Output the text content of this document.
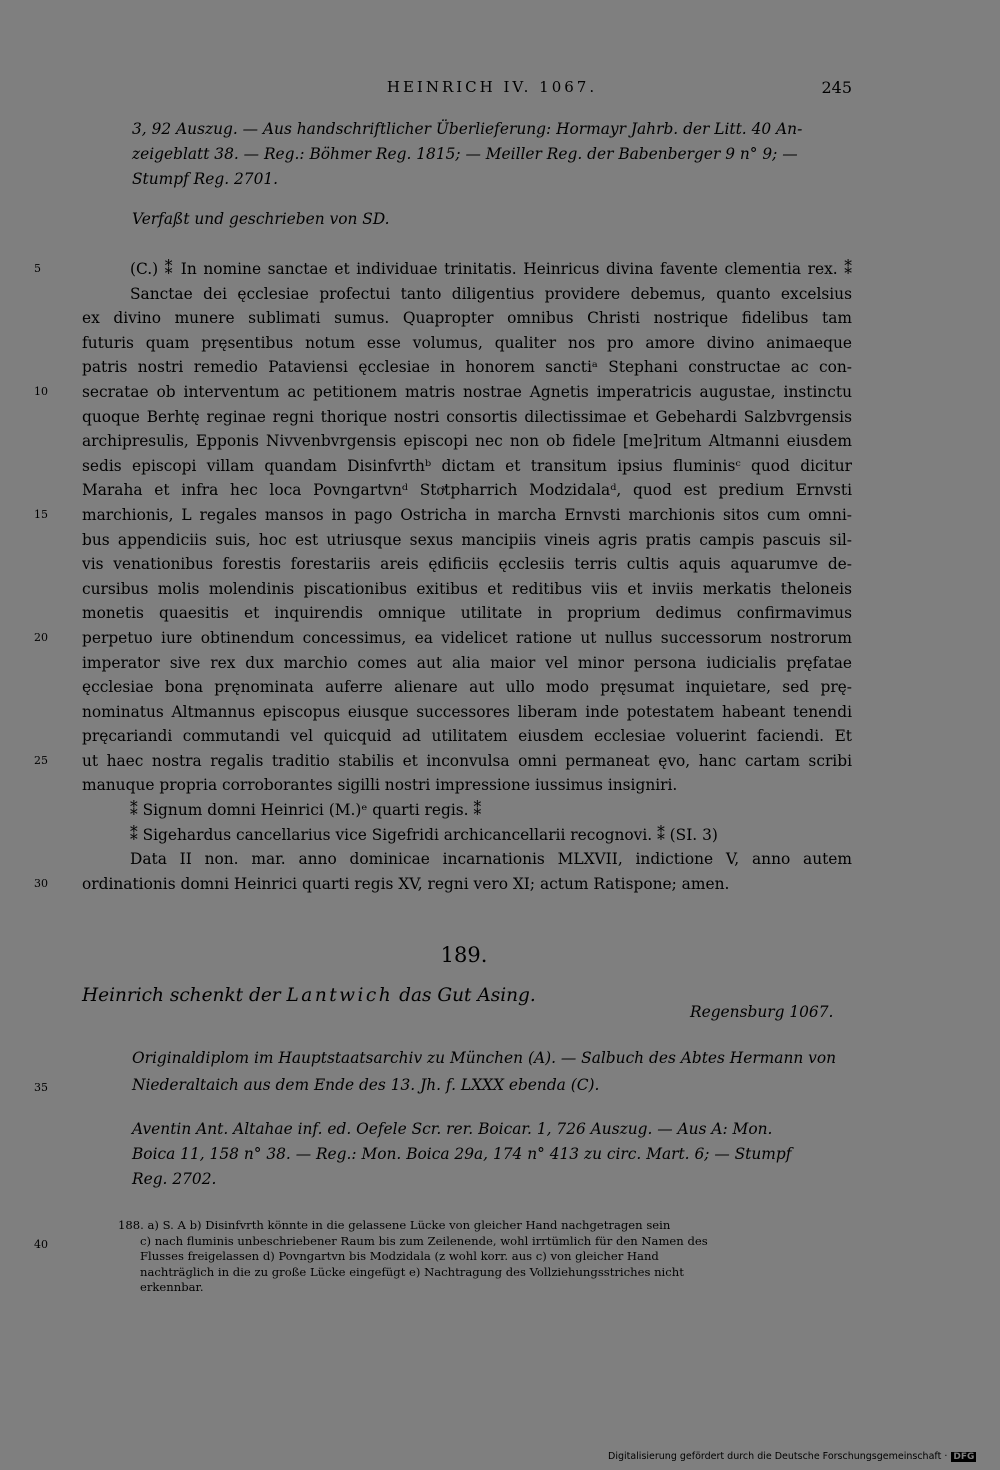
HEINRICH IV. 1067.	245
3, 92 Auszug. — Aus handschriftlicher Überlieferung: Hormayr Jahrb. der Litt. 40 An-
zeigeblatt 38. — Reg.: Böhmer Reg. 1815; — Meiller Reg. der Babenberger 9 n° 9; —
Stumpf Reg. 2701.
Verfaßt und geschrieben von SD.
5
10
15
20
25
30
35
40
(C.) ⁑ In nomine sanctae et individuae trinitatis. Heinricus divina favente clementia rex. ⁑
Sanctae dei ęcclesiae profectui tanto diligentius providere debemus, quanto excelsius
ex divino munere sublimati sumus. Quapropter omnibus Christi nostrique fidelibus tam
futuris quam pręsentibus notum esse volumus, qualiter nos pro amore divino animaeque
patris nostri remedio Pataviensi ęcclesiae in honorem sanctiᵃ Stephani constructae ac con-
secratae ob interventum ac petitionem matris nostrae Agnetis imperatricis augustae, instinctu
quoque Berhtę reginae regni thorique nostri consortis dilectissimae et Gebehardi Salzbvrgensis
archipresulis, Epponis Nivvenbvrgensis episcopi nec non ob fidele [me]ritum Altmanni eiusdem
sedis episcopi villam quandam Disinfvrthᵇ dictam et transitum ipsius fluminisᶜ quod dicitur
Maraha et infra hec loca Povngartvnᵈ Stoͮtpharrich Modzidalaᵈ, quod est predium Ernvsti
marchionis, L regales mansos in pago Ostricha in marcha Ernvsti marchionis sitos cum omni-
bus appendiciis suis, hoc est utriusque sexus mancipiis vineis agris pratis campis pascuis sil-
vis venationibus forestis forestariis areis ędificiis ęcclesiis terris cultis aquis aquarumve de-
cursibus molis molendinis piscationibus exitibus et reditibus viis et inviis merkatis theloneis
monetis quaesitis et inquirendis omnique utilitate in proprium dedimus confirmavimus
perpetuo iure obtinendum concessimus, ea videlicet ratione ut nullus successorum nostrorum
imperator sive rex dux marchio comes aut alia maior vel minor persona iudicialis pręfatae
ęcclesiae bona pręnominata auferre alienare aut ullo modo pręsumat inquietare, sed prę-
nominatus Altmannus episcopus eiusque successores liberam inde potestatem habeant tenendi
pręcariandi commutandi vel quicquid ad utilitatem eiusdem ecclesiae voluerint faciendi. Et
ut haec nostra regalis traditio stabilis et inconvulsa omni permaneat ęvo, hanc cartam scribi
manuque propria corroborantes sigilli nostri impressione iussimus insigniri.
⁑ Signum domni Heinrici (M.)ᵉ quarti regis. ⁑
⁑ Sigehardus cancellarius vice Sigefridi archicancellarii recognovi. ⁑ (SI. 3)
Data II non. mar. anno dominicae incarnationis MLXVII, indictione V, anno autem
ordinationis domni Heinrici quarti regis XV, regni vero XI; actum Ratispone; amen.
189.
Heinrich schenkt der Lantwich das Gut Asing.
Regensburg 1067.
Originaldiplom im Hauptstaatsarchiv zu München (A). — Salbuch des Abtes Hermann von
Niederaltaich aus dem Ende des 13. Jh. f. LXXX ebenda (C).
Aventin Ant. Altahae inf. ed. Oefele Scr. rer. Boicar. 1, 726 Auszug. — Aus A: Mon.
Boica 11, 158 n° 38. — Reg.: Mon. Boica 29a, 174 n° 413 zu circ. Mart. 6; — Stumpf
Reg. 2702.
188. a) S. A b) Disinfvrth könnte in die gelassene Lücke von gleicher Hand nachgetragen sein
c) nach fluminis unbeschriebener Raum bis zum Zeilenende, wohl irrtümlich für den Namen des
Flusses freigelassen d) Povngartvn bis Modzidala (z wohl korr. aus c) von gleicher Hand
nachträglich in die zu große Lücke eingefügt e) Nachtragung des Vollziehungsstriches nicht
erkennbar.
Digitalisierung gefördert durch die Deutsche Forschungsgemeinschaft · DFG
